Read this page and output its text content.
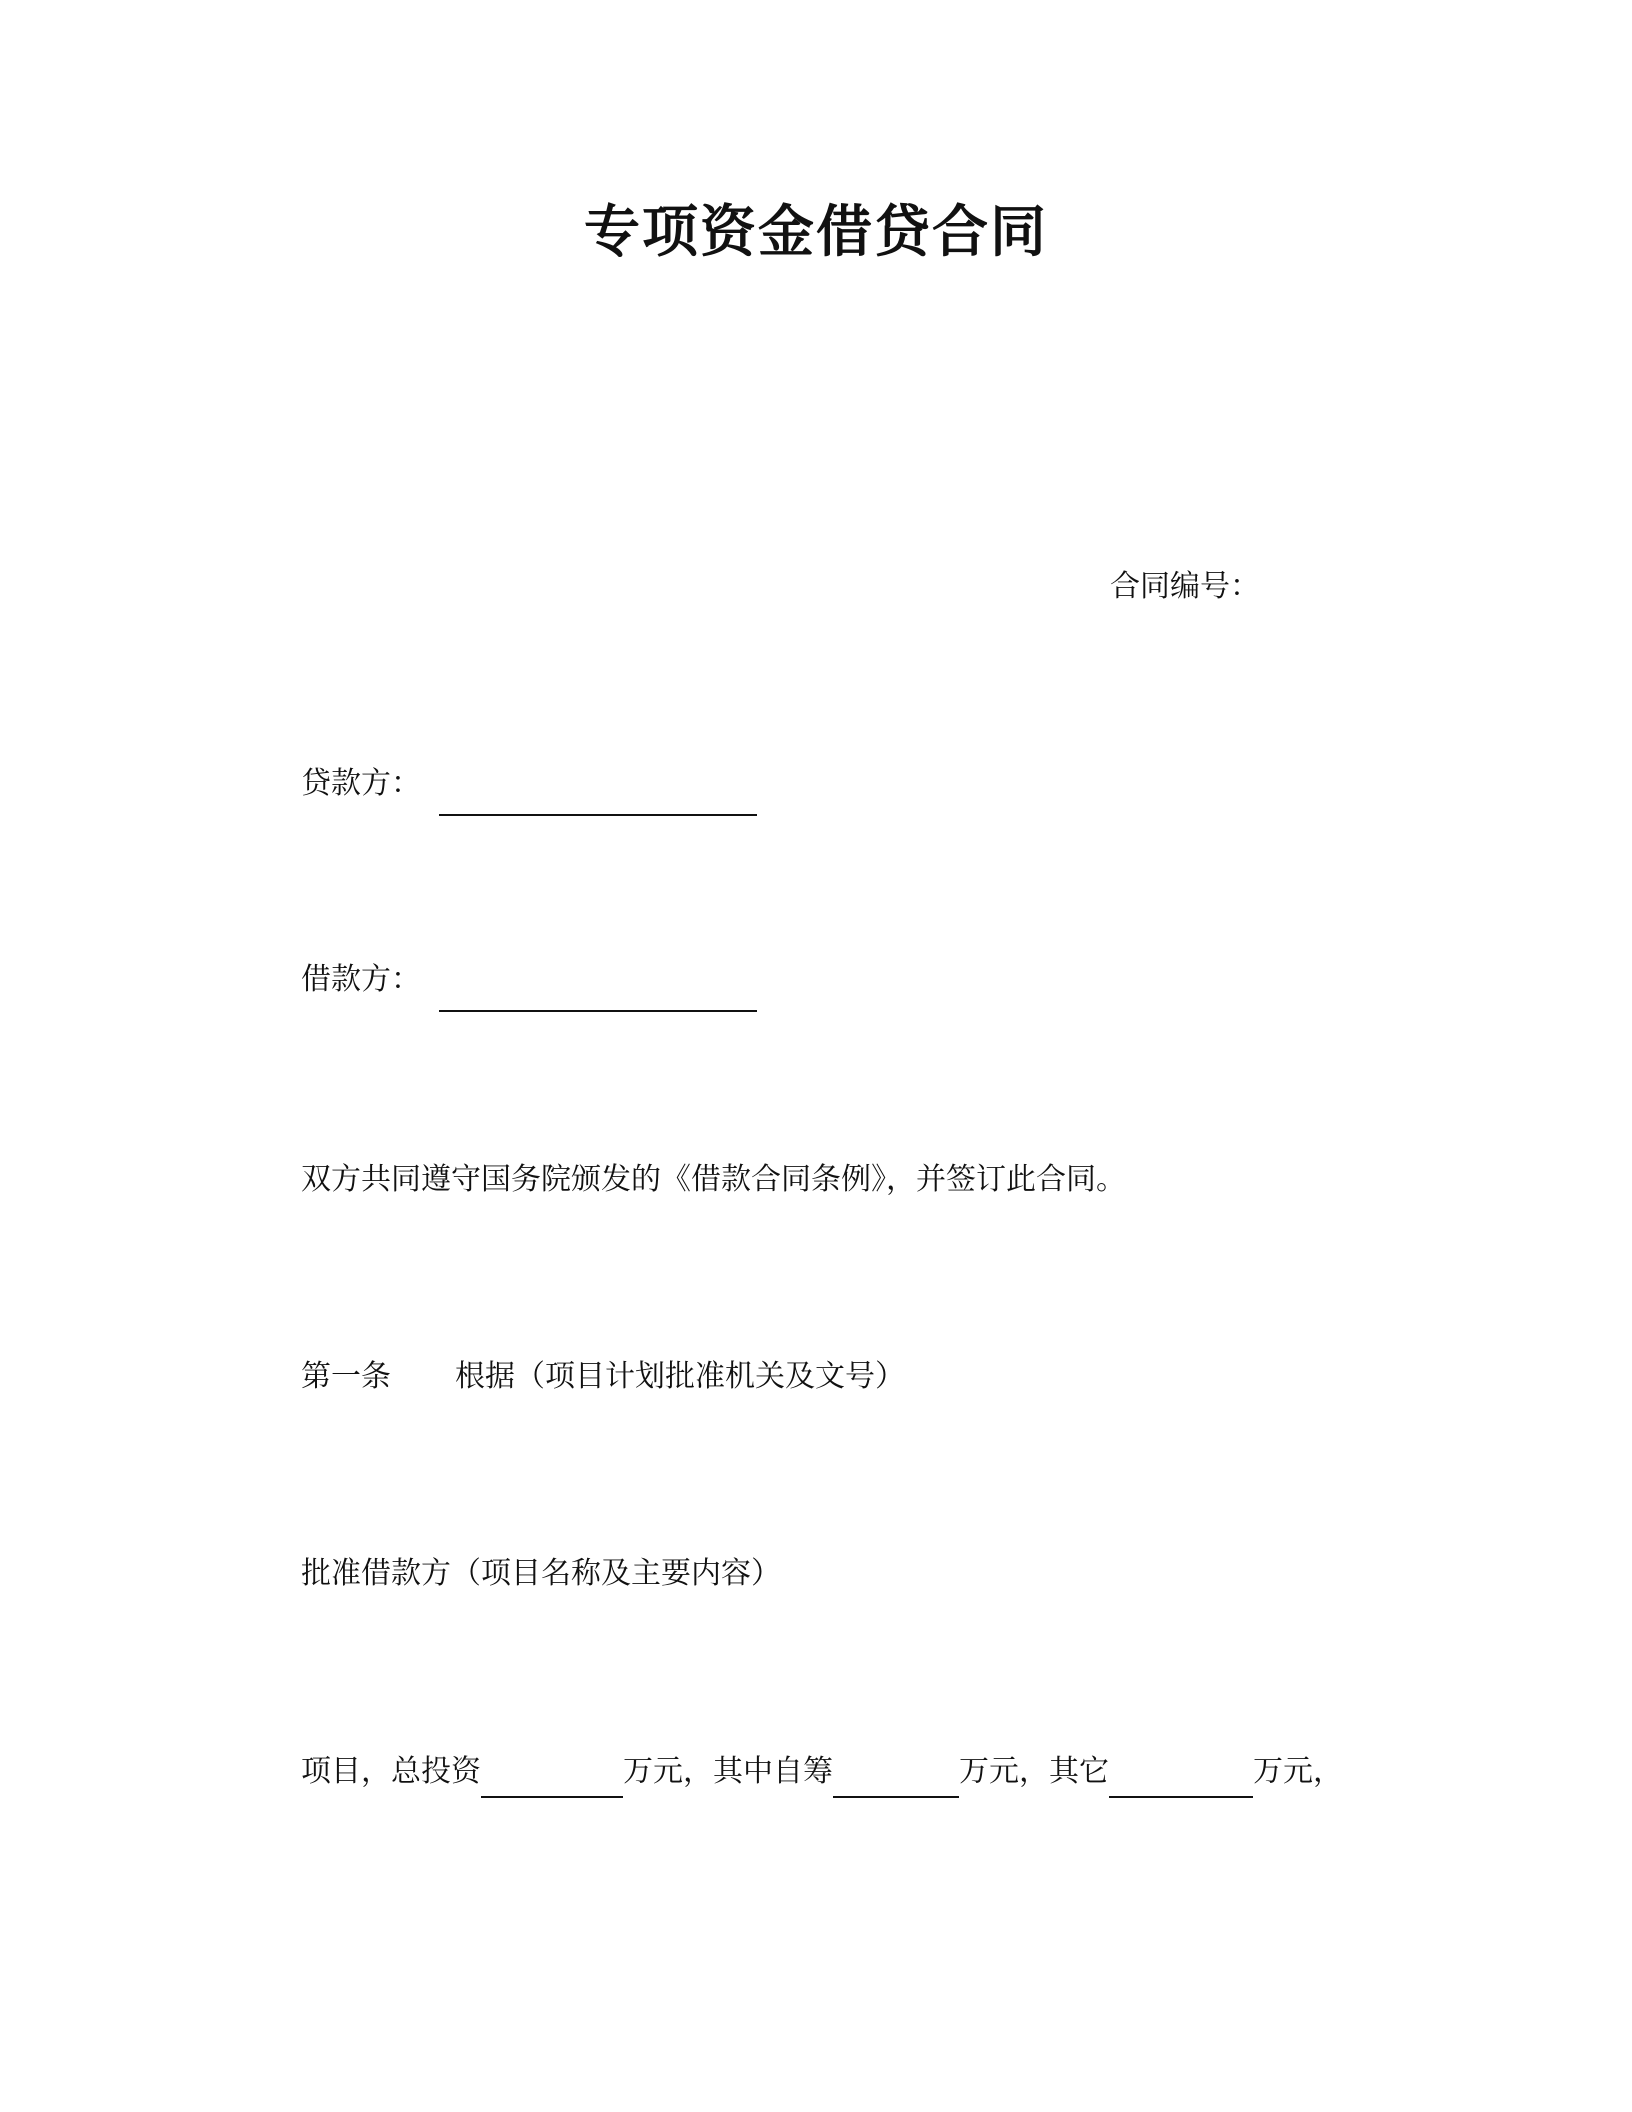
专项资金借贷合同
合同编号：
贷款方：
借款方：
双方共同遵守国务院颁发的《借款合同条例》，并签订此合同。
第一条 根据（项目计划批准机关及文号）
批准借款方（项目名称及主要内容）
项目，总投资	万元，其中自筹	万元，其它	万元，
